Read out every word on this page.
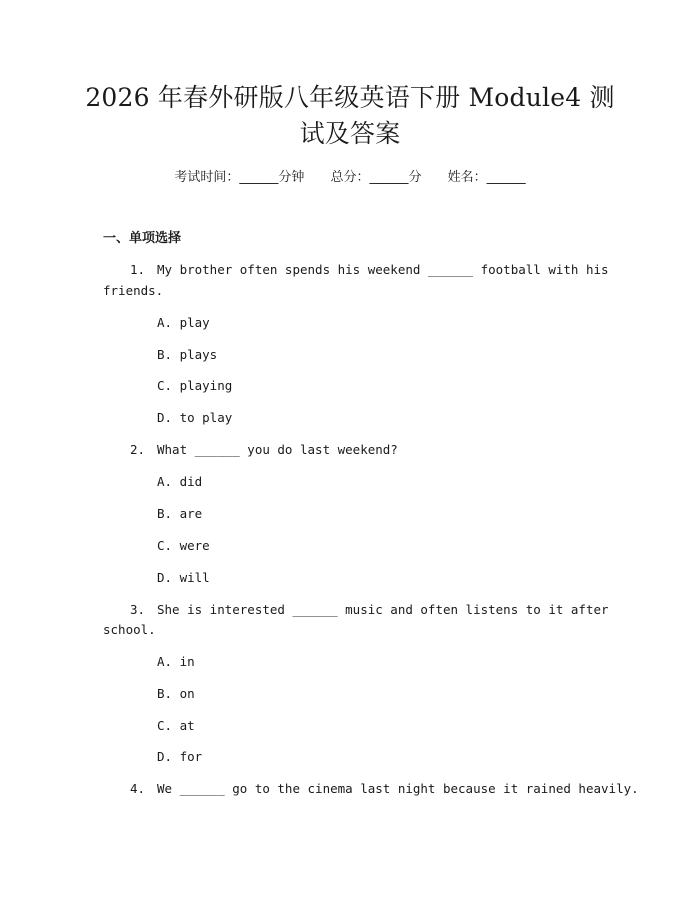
2026 年春外研版八年级英语下册 Module4 测
试及答案
考试时间：______分钟 总分：______分 姓名：______
一、单项选择
1. My brother often spends his weekend ______ football with his
friends.
A. play
B. plays
C. playing
D. to play
2. What ______ you do last weekend?
A. did
B. are
C. were
D. will
3. She is interested ______ music and often listens to it after
school.
A. in
B. on
C. at
D. for
4. We ______ go to the cinema last night because it rained heavily.
